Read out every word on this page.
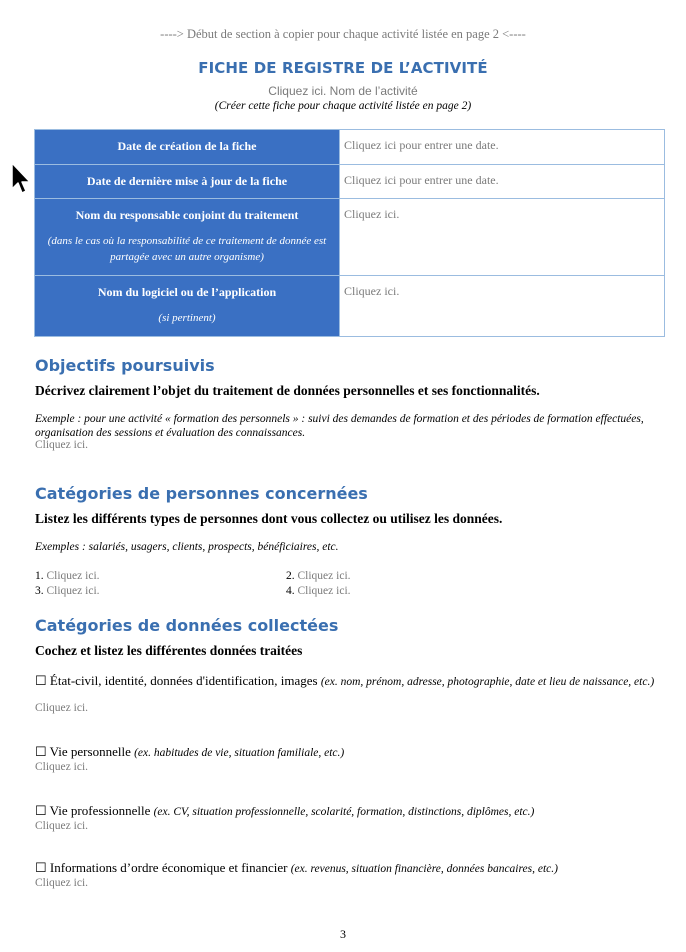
----> Début de section à copier pour chaque activité listée en page 2 <----
FICHE DE REGISTRE DE L’ACTIVITÉ
Cliquez ici. Nom de l’activité
(Créer cette fiche pour chaque activité listée en page 2)
Date de création de la fiche	Cliquez ici pour entrer une date.

Date de dernière mise à jour de la fiche	Cliquez ici pour entrer une date.

Nom du responsable conjoint du traitement
(dans le cas où la responsabilité de ce traitement de donnée est partagée avec un autre organisme)	Cliquez ici.

Nom du logiciel ou de l’application
(si pertinent)	Cliquez ici.
Objectifs poursuivis
Décrivez clairement l’objet du traitement de données personnelles et ses fonctionnalités.
Exemple : pour une activité « formation des personnels » : suivi des demandes de formation et des périodes de formation effectuées, organisation des sessions et évaluation des connaissances.
Cliquez ici.
Catégories de personnes concernées
Listez les différents types de personnes dont vous collectez ou utilisez les données.
Exemples : salariés, usagers, clients, prospects, bénéficiaires, etc.
1. Cliquez ici.	2. Cliquez ici.
3. Cliquez ici.	4. Cliquez ici.
Catégories de données collectées
Cochez et listez les différentes données traitées
☐ État-civil, identité, données d'identification, images (ex. nom, prénom, adresse, photographie, date et lieu de naissance, etc.)
Cliquez ici.
☐ Vie personnelle (ex. habitudes de vie, situation familiale, etc.)
Cliquez ici.
☐ Vie professionnelle (ex. CV, situation professionnelle, scolarité, formation, distinctions, diplômes, etc.)
Cliquez ici.
☐ Informations d’ordre économique et financier (ex. revenus, situation financière, données bancaires, etc.)
Cliquez ici.
3
